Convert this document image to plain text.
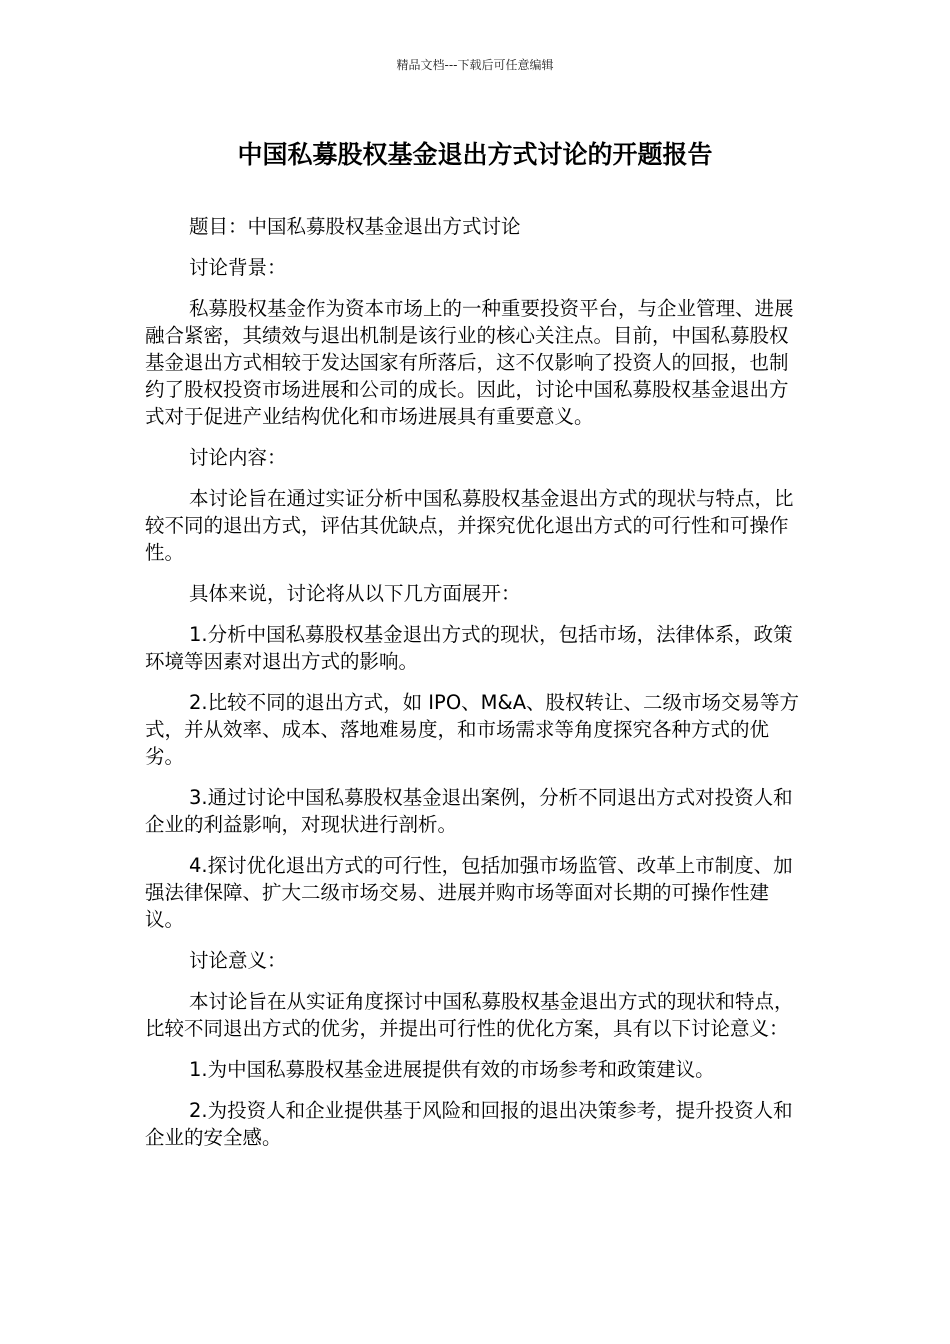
精品文档---下载后可任意编辑
中国私募股权基金退出方式讨论的开题报告

题目：中国私募股权基金退出方式讨论

讨论背景：

私募股权基金作为资本市场上的一种重要投资平台，与企业管理、进展融合紧密，其绩效与退出机制是该行业的核心关注点。目前，中国私募股权基金退出方式相较于发达国家有所落后，这不仅影响了投资人的回报，也制约了股权投资市场进展和公司的成长。因此，讨论中国私募股权基金退出方式对于促进产业结构优化和市场进展具有重要意义。

讨论内容：

本讨论旨在通过实证分析中国私募股权基金退出方式的现状与特点，比较不同的退出方式，评估其优缺点，并探究优化退出方式的可行性和可操作性。

具体来说，讨论将从以下几方面展开：

1.分析中国私募股权基金退出方式的现状，包括市场，法律体系，政策环境等因素对退出方式的影响。

2.比较不同的退出方式，如 IPO、M&A、股权转让、二级市场交易等方式，并从效率、成本、落地难易度，和市场需求等角度探究各种方式的优劣。

3.通过讨论中国私募股权基金退出案例，分析不同退出方式对投资人和企业的利益影响，对现状进行剖析。

4.探讨优化退出方式的可行性，包括加强市场监管、改革上市制度、加强法律保障、扩大二级市场交易、进展并购市场等面对长期的可操作性建议。

讨论意义：

本讨论旨在从实证角度探讨中国私募股权基金退出方式的现状和特点，比较不同退出方式的优劣，并提出可行性的优化方案，具有以下讨论意义：

1.为中国私募股权基金进展提供有效的市场参考和政策建议。

2.为投资人和企业提供基于风险和回报的退出决策参考，提升投资人和企业的安全感。
